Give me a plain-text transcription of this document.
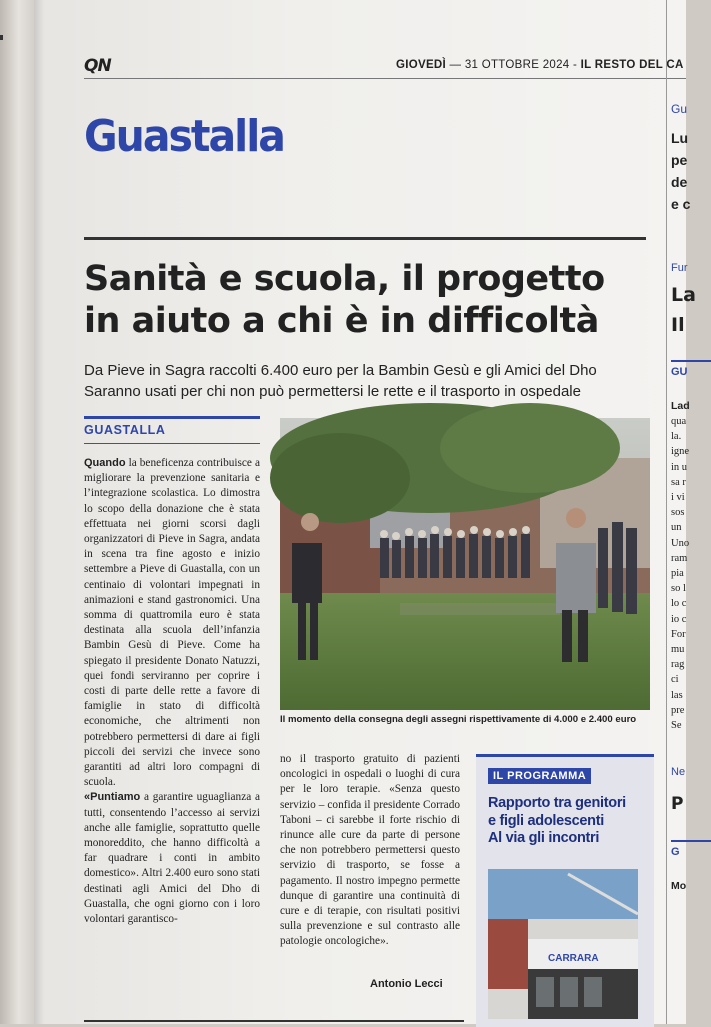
QN	GIOVEDÌ — 31 OTTOBRE 2024 - IL RESTO DEL CA
Guastalla
Sanità e scuola, il progetto
in aiuto a chi è in difficoltà
Da Pieve in Sagra raccolti 6.400 euro per la Bambin Gesù e gli Amici del Dho
Saranno usati per chi non può permettersi le rette e il trasporto in ospedale
GUASTALLA

Quando la beneficenza contribuisce a migliorare la prevenzione sanitaria e l’integrazione scolastica. Lo dimostra lo scopo della donazione che è stata effettuata nei giorni scorsi dagli organizzatori di Pieve in Sagra, andata in scena tra fine agosto e inizio settembre a Pieve di Guastalla, con un centinaio di volontari impegnati in animazioni e stand gastronomici. Una somma di quattromila euro è stata destinata alla scuola dell’infanzia Bambin Gesù di Pieve. Come ha spiegato il presidente Donato Natuzzi, quei fondi serviranno per coprire i costi di parte delle rette a favore di famiglie in stato di difficoltà economiche, che altrimenti non potrebbero permettersi di dare ai figli piccoli dei servizi che invece sono garantiti ad altri loro compagni di scuola.

«Puntiamo a garantire uguaglianza a tutti, consentendo l’accesso ai servizi anche alle famiglie, soprattutto quelle monoreddito, che hanno difficoltà a far quadrare i conti in ambito domestico». Altri 2.400 euro sono stati destinati agli Amici del Dho di Guastalla, che ogni giorno con i loro volontari garantisco-

Il momento della consegna degli assegni rispettivamente di 4.000 e 2.400 euro

no il trasporto gratuito di pazienti oncologici in ospedali o luoghi di cura per le loro terapie. «Senza questo servizio – confida il presidente Corrado Taboni – ci sarebbe il forte rischio di rinunce alle cure da parte di persone che non potrebbero permettersi questo servizio di trasporto, se fosse a pagamento. Il nostro impegno permette dunque di garantire una continuità di cure e di terapie, con risultati positivi sulla prevenzione e sul contrasto alle patologie oncologiche».

Antonio Lecci
IL PROGRAMMA
Rapporto tra genitori
e figli adolescenti
Al via gli incontri
CARRARA
Gu
Lu
pe
de
e c
Fur
La
Il
GU
Lad
qua
la.
igne
in u
sa r
i vi
sos
un
Uno
ram
pia
so l
lo c
io c
For
mu
rag
ci
las
pre
Se
Ne
P
G
Mo
